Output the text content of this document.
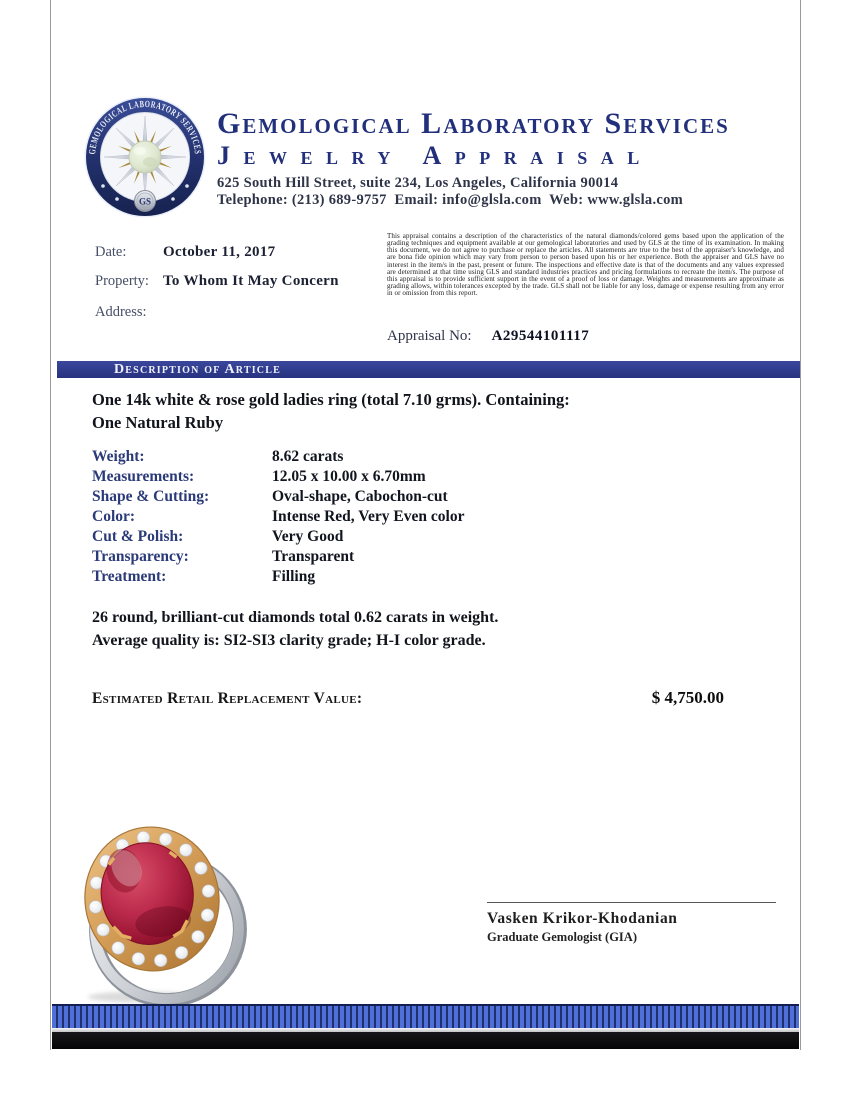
GEMOLOGICAL LABORATORY SERVICES
GS
Gemological Laboratory Services
Jewelry Appraisal
625 South Hill Street, suite 234, Los Angeles, California 90014
Telephone: (213) 689-9757  Email: info@glsla.com  Web: www.glsla.com
Date: October 11, 2017
Property: To Whom It May Concern
Address:
This appraisal contains a description of the characteristics of the natural diamonds/colored gems based upon the application of the grading techniques and equipment available at our gemological laboratories and used by GLS at the time of its examination. In making this document, we do not agree to purchase or replace the articles. All statements are true to the best of the appraiser's knowledge, and are bona fide opinion which may vary from person to person based upon his or her experience. Both the appraiser and GLS have no interest in the item/s in the past, present or future. The inspections and effective date is that of the documents and any values expressed are determined at that time using GLS and standard industries practices and pricing formulations to recreate the item/s. The purpose of this appraisal is to provide sufficient support in the event of a proof of loss or damage. Weights and measurements are approximate as grading allows, within tolerances excepted by the trade. GLS shall not be liable for any loss, damage or expense resulting from any error in or omission from this report.
Appraisal No: A29544101117
Description of Article
One 14k white & rose gold ladies ring (total 7.10 grms). Containing:
One Natural Ruby
Weight:	8.62 carats
Measurements:	12.05 x 10.00 x 6.70mm
Shape & Cutting:	Oval-shape, Cabochon-cut
Color:	Intense Red, Very Even color
Cut & Polish:	Very Good
Transparency:	Transparent
Treatment:	Filling
26 round, brilliant-cut diamonds total 0.62 carats in weight.
Average quality is: SI2-SI3 clarity grade; H-I color grade.
Estimated Retail Replacement Value:	$ 4,750.00
Vasken Krikor-Khodanian
Graduate Gemologist (GIA)
